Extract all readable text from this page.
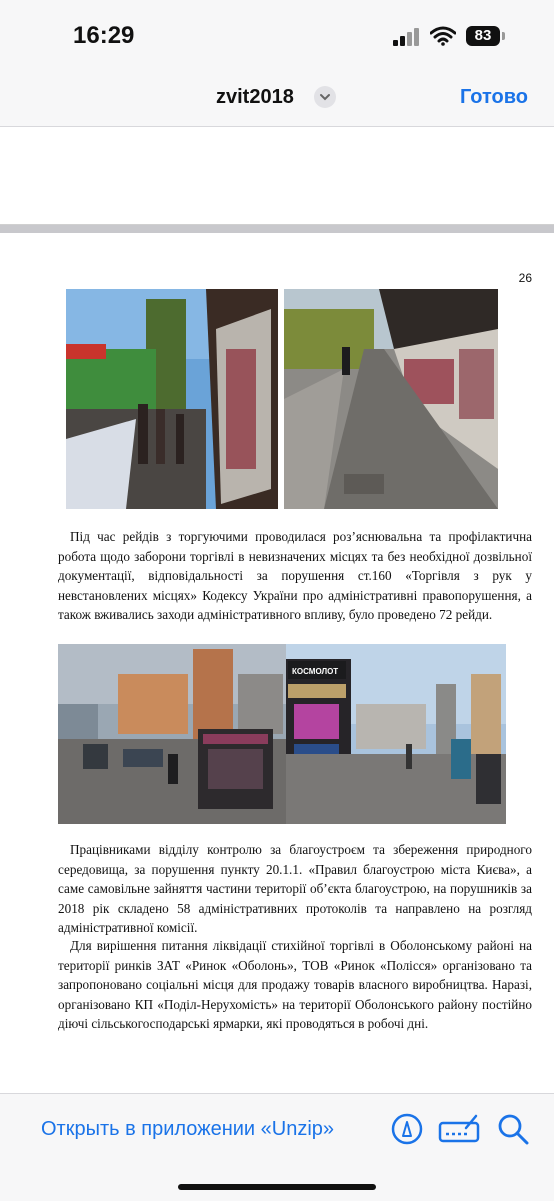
16:29	83
zvit2018	Готово
26

Під час рейдів з торгуючими проводилася роз’яснювальна та профілактична робота щодо заборони торгівлі в невизначених місцях та без необхідної дозвільної документації, відповідальності за порушення ст.160 «Торгівля з рук у невстановлених місцях» Кодексу України про адміністративні правопорушення, а також вживались заходи адміністративного впливу, було проведено 72 рейди.

КОСМОЛОТ

Працівниками відділу контролю за благоустроєм та збереження природного середовища, за порушення пункту 20.1.1. «Правил благоустрою міста Києва», а саме самовільне зайняття частини території об’єкта благоустрою, на порушників за 2018 рік складено 58 адміністративних протоколів та направлено на розгляд адміністративної комісії.

Для вирішення питання ліквідації стихійної торгівлі в Оболонському районі на території ринків ЗАТ «Ринок «Оболонь», ТОВ «Ринок «Полісся» організовано та запропоновано соціальні місця для продажу товарів власного виробництва. Наразі, організовано КП «Поділ-Нерухомість» на території Оболонського району постійно діючі сільськогосподарські ярмарки, які проводяться в робочі дні.

Открыть в приложении «Unzip»
